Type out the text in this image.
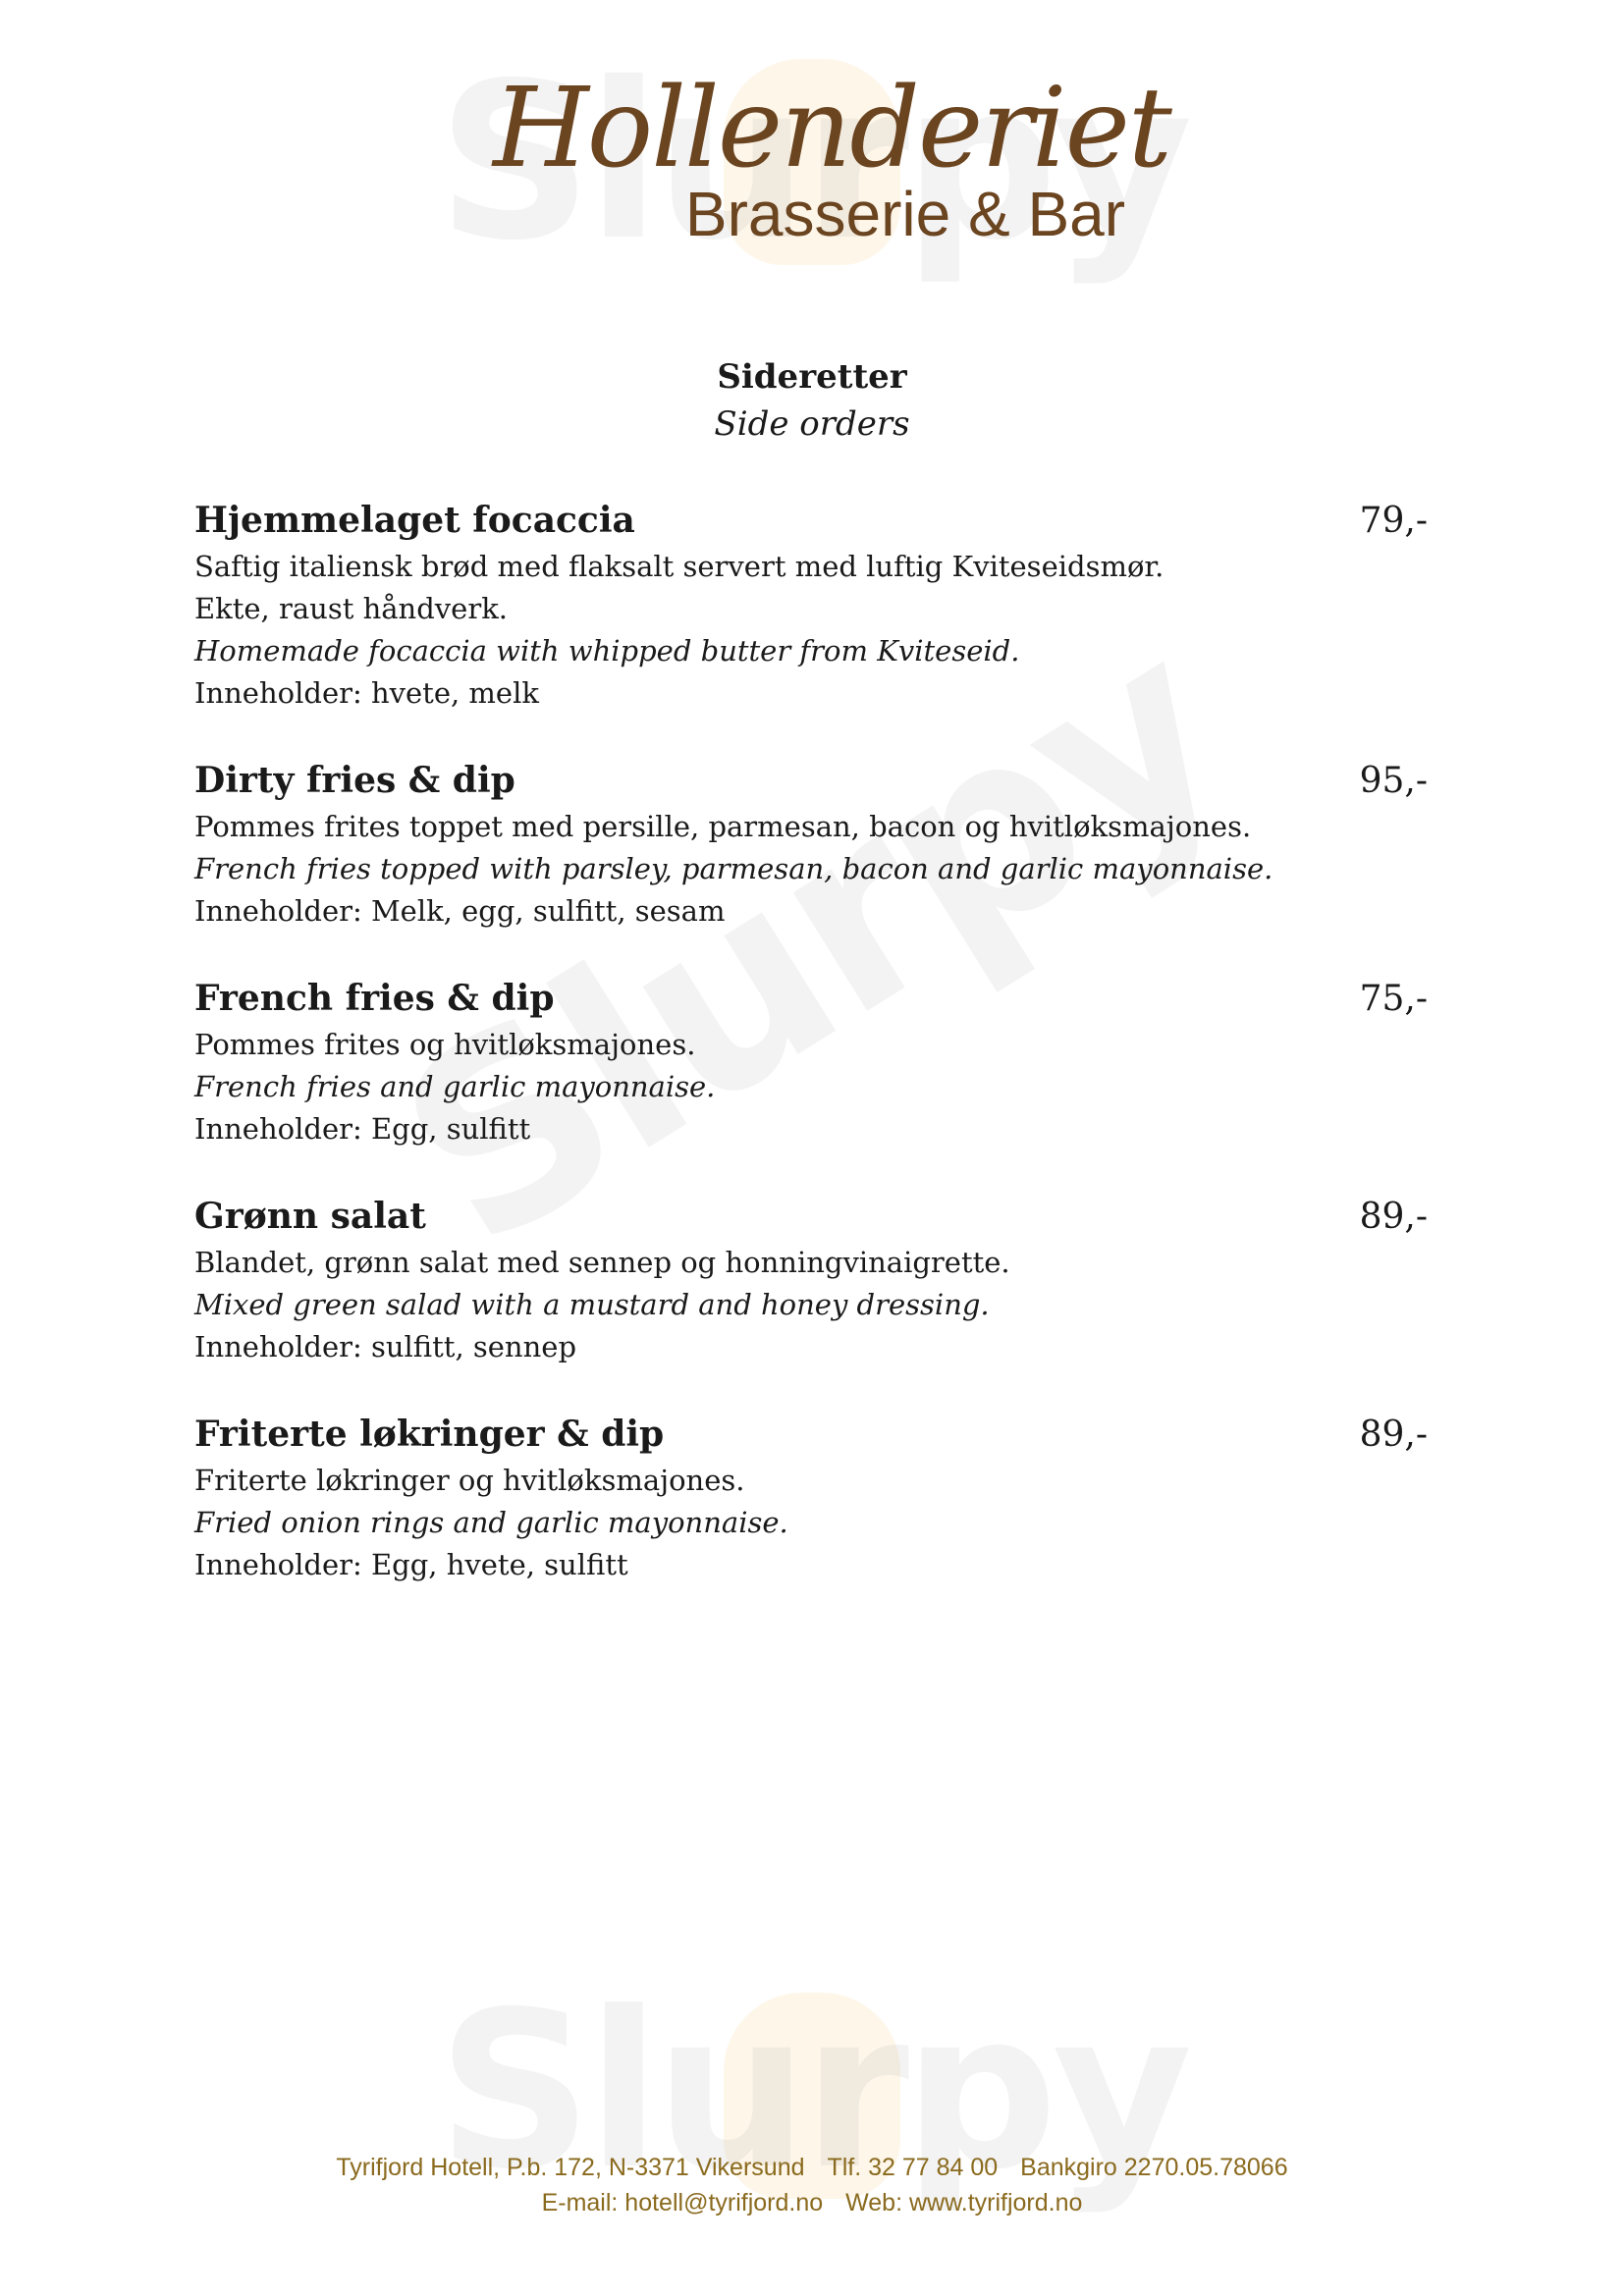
Hollenderiet
Brasserie & Bar
Sideretter
Side orders
Hjemmelaget focaccia	79,-
Saftig italiensk brød med flaksalt servert med luftig Kviteseidsmør.
Ekte, raust håndverk.
Homemade focaccia with whipped butter from Kviteseid.
Inneholder: hvete, melk
Dirty fries & dip	95,-
Pommes frites toppet med persille, parmesan, bacon og hvitløksmajones.
French fries topped with parsley, parmesan, bacon and garlic mayonnaise.
Inneholder: Melk, egg, sulfitt, sesam
French fries & dip	75,-
Pommes frites og hvitløksmajones.
French fries and garlic mayonnaise.
Inneholder: Egg, sulfitt
Grønn salat	89,-
Blandet, grønn salat med sennep og honningvinaigrette.
Mixed green salad with a mustard and honey dressing.
Inneholder: sulfitt, sennep
Friterte løkringer & dip	89,-
Friterte løkringer og hvitløksmajones.
Fried onion rings and garlic mayonnaise.
Inneholder: Egg, hvete, sulfitt
Tyrifjord Hotell, P.b. 172, N-3371 Vikersund Tlf. 32 77 84 00 Bankgiro 2270.05.78066
E-mail: hotell@tyrifjord.no Web: www.tyrifjord.no
